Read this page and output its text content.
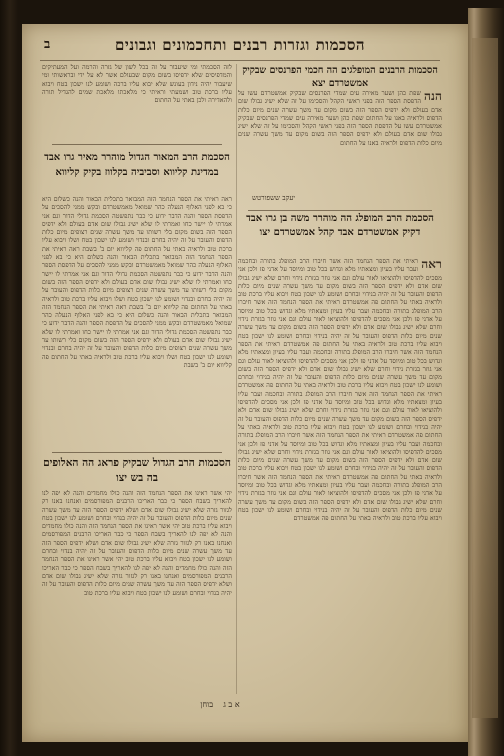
הסכמות וגזרות רבנים ותחכמונים וגבונים
ב
הסכמות הרבנים המופלגים הה חכמי הפרנסים שבקיק אמשטרדם יצא
הנה
שפת כהן ושער מאירה עים שמדי הפרנסים שבקיק אמשטרדם עשו על הדפסת הספר הזה בפני ראשי הקהל והסכימו על זה שלא ישיג גבולו שום אדם בעולם ולא ידפיס הספר הזה בשום מקום עד משך עשרה שנים מיום כלות הדפוס ולראיה באנו על החתום שפת כהן ושער מאירה עים שמדי הפרנסים שבקיק אמשטרדם עשו על הדפסת הספר הזה בפני ראשי הקהל והסכימו על זה שלא ישיג גבולו שום אדם בעולם ולא ידפיס הספר הזה בשום מקום עד משך עשרה שנים מיום כלות הדפוס ולראיה באנו על החתום
יעקב ששפורטש
הסכמת הרב המופלג הה מוהרר משה בן גרו אבד דקיק אמשטרדם אבד קהל אמשטרדם יצו
ראה
ראיתי את הספר הנחמד הזה אשר חיברו הרב המופלג בתורה ובחכמה ועבר עליו בעיון ומצאתיו מלא וגדוש בכל טוב ומיוסד על אדני פז ולכן אני מסכים להדפיסו ולהוציאו לאור עולם וגם אני גוזר בגזרת נידוי וחרם שלא ישיג גבולו שום אדם ולא ידפיס הספר הזה בשום מקום עד משך עשרה שנים מיום כלות הדפוס והעובר על זה יהיה בנידוי ובחרם ושומע לנו ישכון בטח ויבוא עליו ברכת טוב ולראיה באתי על החתום פה אמשטרדם ראיתי את הספר הנחמד הזה אשר חיברו הרב המופלג בתורה ובחכמה ועבר עליו בעיון ומצאתיו מלא וגדוש בכל טוב ומיוסד על אדני פז ולכן אני מסכים להדפיסו ולהוציאו לאור עולם וגם אני גוזר בגזרת נידוי וחרם שלא ישיג גבולו שום אדם ולא ידפיס הספר הזה בשום מקום עד משך עשרה שנים מיום כלות הדפוס והעובר על זה יהיה בנידוי ובחרם ושומע לנו ישכון בטח ויבוא עליו ברכת טוב ולראיה באתי על החתום פה אמשטרדם ראיתי את הספר הנחמד הזה אשר חיברו הרב המופלג בתורה ובחכמה ועבר עליו בעיון ומצאתיו מלא וגדוש בכל טוב ומיוסד על אדני פז ולכן אני מסכים להדפיסו ולהוציאו לאור עולם וגם אני גוזר בגזרת נידוי וחרם שלא ישיג גבולו שום אדם ולא ידפיס הספר הזה בשום מקום עד משך עשרה שנים מיום כלות הדפוס והעובר על זה יהיה בנידוי ובחרם ושומע לנו ישכון בטח ויבוא עליו ברכת טוב ולראיה באתי על החתום פה אמשטרדם ראיתי את הספר הנחמד הזה אשר חיברו הרב המופלג בתורה ובחכמה ועבר עליו בעיון ומצאתיו מלא וגדוש בכל טוב ומיוסד על אדני פז ולכן אני מסכים להדפיסו ולהוציאו לאור עולם וגם אני גוזר בגזרת נידוי וחרם שלא ישיג גבולו שום אדם ולא ידפיס הספר הזה בשום מקום עד משך עשרה שנים מיום כלות הדפוס והעובר על זה יהיה בנידוי ובחרם ושומע לנו ישכון בטח ויבוא עליו ברכת טוב ולראיה באתי על החתום פה אמשטרדם ראיתי את הספר הנחמד הזה אשר חיברו הרב המופלג בתורה ובחכמה ועבר עליו בעיון ומצאתיו מלא וגדוש בכל טוב ומיוסד על אדני פז ולכן אני מסכים להדפיסו ולהוציאו לאור עולם וגם אני גוזר בגזרת נידוי וחרם שלא ישיג גבולו שום אדם ולא ידפיס הספר הזה בשום מקום עד משך עשרה שנים מיום כלות הדפוס והעובר על זה יהיה בנידוי ובחרם ושומע לנו ישכון בטח ויבוא עליו ברכת טוב ולראיה באתי על החתום פה אמשטרדם ראיתי את הספר הנחמד הזה אשר חיברו הרב המופלג בתורה ובחכמה ועבר עליו בעיון ומצאתיו מלא וגדוש בכל טוב ומיוסד על אדני פז ולכן אני מסכים להדפיסו ולהוציאו לאור עולם וגם אני גוזר בגזרת נידוי וחרם שלא ישיג גבולו שום אדם ולא ידפיס הספר הזה בשום מקום עד משך עשרה שנים מיום כלות הדפוס והעובר על זה יהיה בנידוי ובחרם ושומע לנו ישכון בטח ויבוא עליו ברכת טוב ולראיה באתי על החתום פה אמשטרדם
לזה הסכמתי ומי שיעבור על זה בכל לשון של גזרה והרמה ועל המעתיקים והמדפיסים שלא ידפיסו בשום מקום שבעולם אשר לא על ידי ובראשותי ומי שיעבור יהיה נידון בעונש שלא יבוא עליו ברכה ושומע לנו ישכון בטח ויבוא עליו ברכת טוב ושמעתי וראיתי כי מלאכתו מלאכת שמים להגדיל תורה ולהאדירה ולכן באתי על החתום
הסכמת הרב המאור הגדול מוהרר מאיר גרו אבד במדינת קליווא וסביביה בקלווז בקיק קליווא
ראה ראיתי את הספר הנחמד הזה המבואר בתכלית הבאור והנה כשלום היא כי בא לפני האלוף הנעלה כהר שמואל מאמשטרדם ובקש ממני להסכים על הדפסת הספר והנה הדבר ידוע כי כבר נתפשטה הסכמת גדולי הדור וגם אני אמרתי לו יישר כחו ואמרתי לו שלא ישיג גבולו שום אדם בעולם ולא ידפיס הספר הזה בשום מקום בלי רשותו עד משך עשרה שנים רצופים מיום כלות הדפוס והעובר על זה יהיה בחרם ובנדוי ושומע לנו ישכון בטח ושלו ויבוא עליו ברכת טוב ולראיה באתי על החתום פה קליווא יום ב' בשבת ראה ראיתי את הספר הנחמד הזה המבואר בתכלית הבאור והנה כשלום היא כי בא לפני האלוף הנעלה כהר שמואל מאמשטרדם ובקש ממני להסכים על הדפסת הספר והנה הדבר ידוע כי כבר נתפשטה הסכמת גדולי הדור וגם אני אמרתי לו יישר כחו ואמרתי לו שלא ישיג גבולו שום אדם בעולם ולא ידפיס הספר הזה בשום מקום בלי רשותו עד משך עשרה שנים רצופים מיום כלות הדפוס והעובר על זה יהיה בחרם ובנדוי ושומע לנו ישכון בטח ושלו ויבוא עליו ברכת טוב ולראיה באתי על החתום פה קליווא יום ב' בשבת ראה ראיתי את הספר הנחמד הזה המבואר בתכלית הבאור והנה כשלום היא כי בא לפני האלוף הנעלה כהר שמואל מאמשטרדם ובקש ממני להסכים על הדפסת הספר והנה הדבר ידוע כי כבר נתפשטה הסכמת גדולי הדור וגם אני אמרתי לו יישר כחו ואמרתי לו שלא ישיג גבולו שום אדם בעולם ולא ידפיס הספר הזה בשום מקום בלי רשותו עד משך עשרה שנים רצופים מיום כלות הדפוס והעובר על זה יהיה בחרם ובנדוי ושומע לנו ישכון בטח ושלו ויבוא עליו ברכת טוב ולראיה באתי על החתום פה קליווא יום ב' בשבת
הסכמות הרב הגדול שבקיק פראג הה האלופים בה בש יצו
יהי אשר ראינו את הספר הנחמד הזה והנה כולו מחמדים והנה לא יפה לנו להאריך בשבח הספר כי כבר האריכו הרבנים המפורסמים ואנחנו באנו רק לגזור גזרה שלא ישיג גבולו שום אדם ושלא ידפיס הספר הזה עד משך עשרה שנים מיום כלות הדפוס והעובר על זה יהיה בנדוי ובחרם ושומע לנו ישכון בטח ויבוא עליו ברכת טוב יהי אשר ראינו את הספר הנחמד הזה והנה כולו מחמדים והנה לא יפה לנו להאריך בשבח הספר כי כבר האריכו הרבנים המפורסמים ואנחנו באנו רק לגזור גזרה שלא ישיג גבולו שום אדם ושלא ידפיס הספר הזה עד משך עשרה שנים מיום כלות הדפוס והעובר על זה יהיה בנדוי ובחרם ושומע לנו ישכון בטח ויבוא עליו ברכת טוב יהי אשר ראינו את הספר הנחמד הזה והנה כולו מחמדים והנה לא יפה לנו להאריך בשבח הספר כי כבר האריכו הרבנים המפורסמים ואנחנו באנו רק לגזור גזרה שלא ישיג גבולו שום אדם ושלא ידפיס הספר הזה עד משך עשרה שנים מיום כלות הדפוס והעובר על זה יהיה בנדוי ובחרם ושומע לנו ישכון בטח ויבוא עליו ברכת טוב
א ב ג    בוחן
